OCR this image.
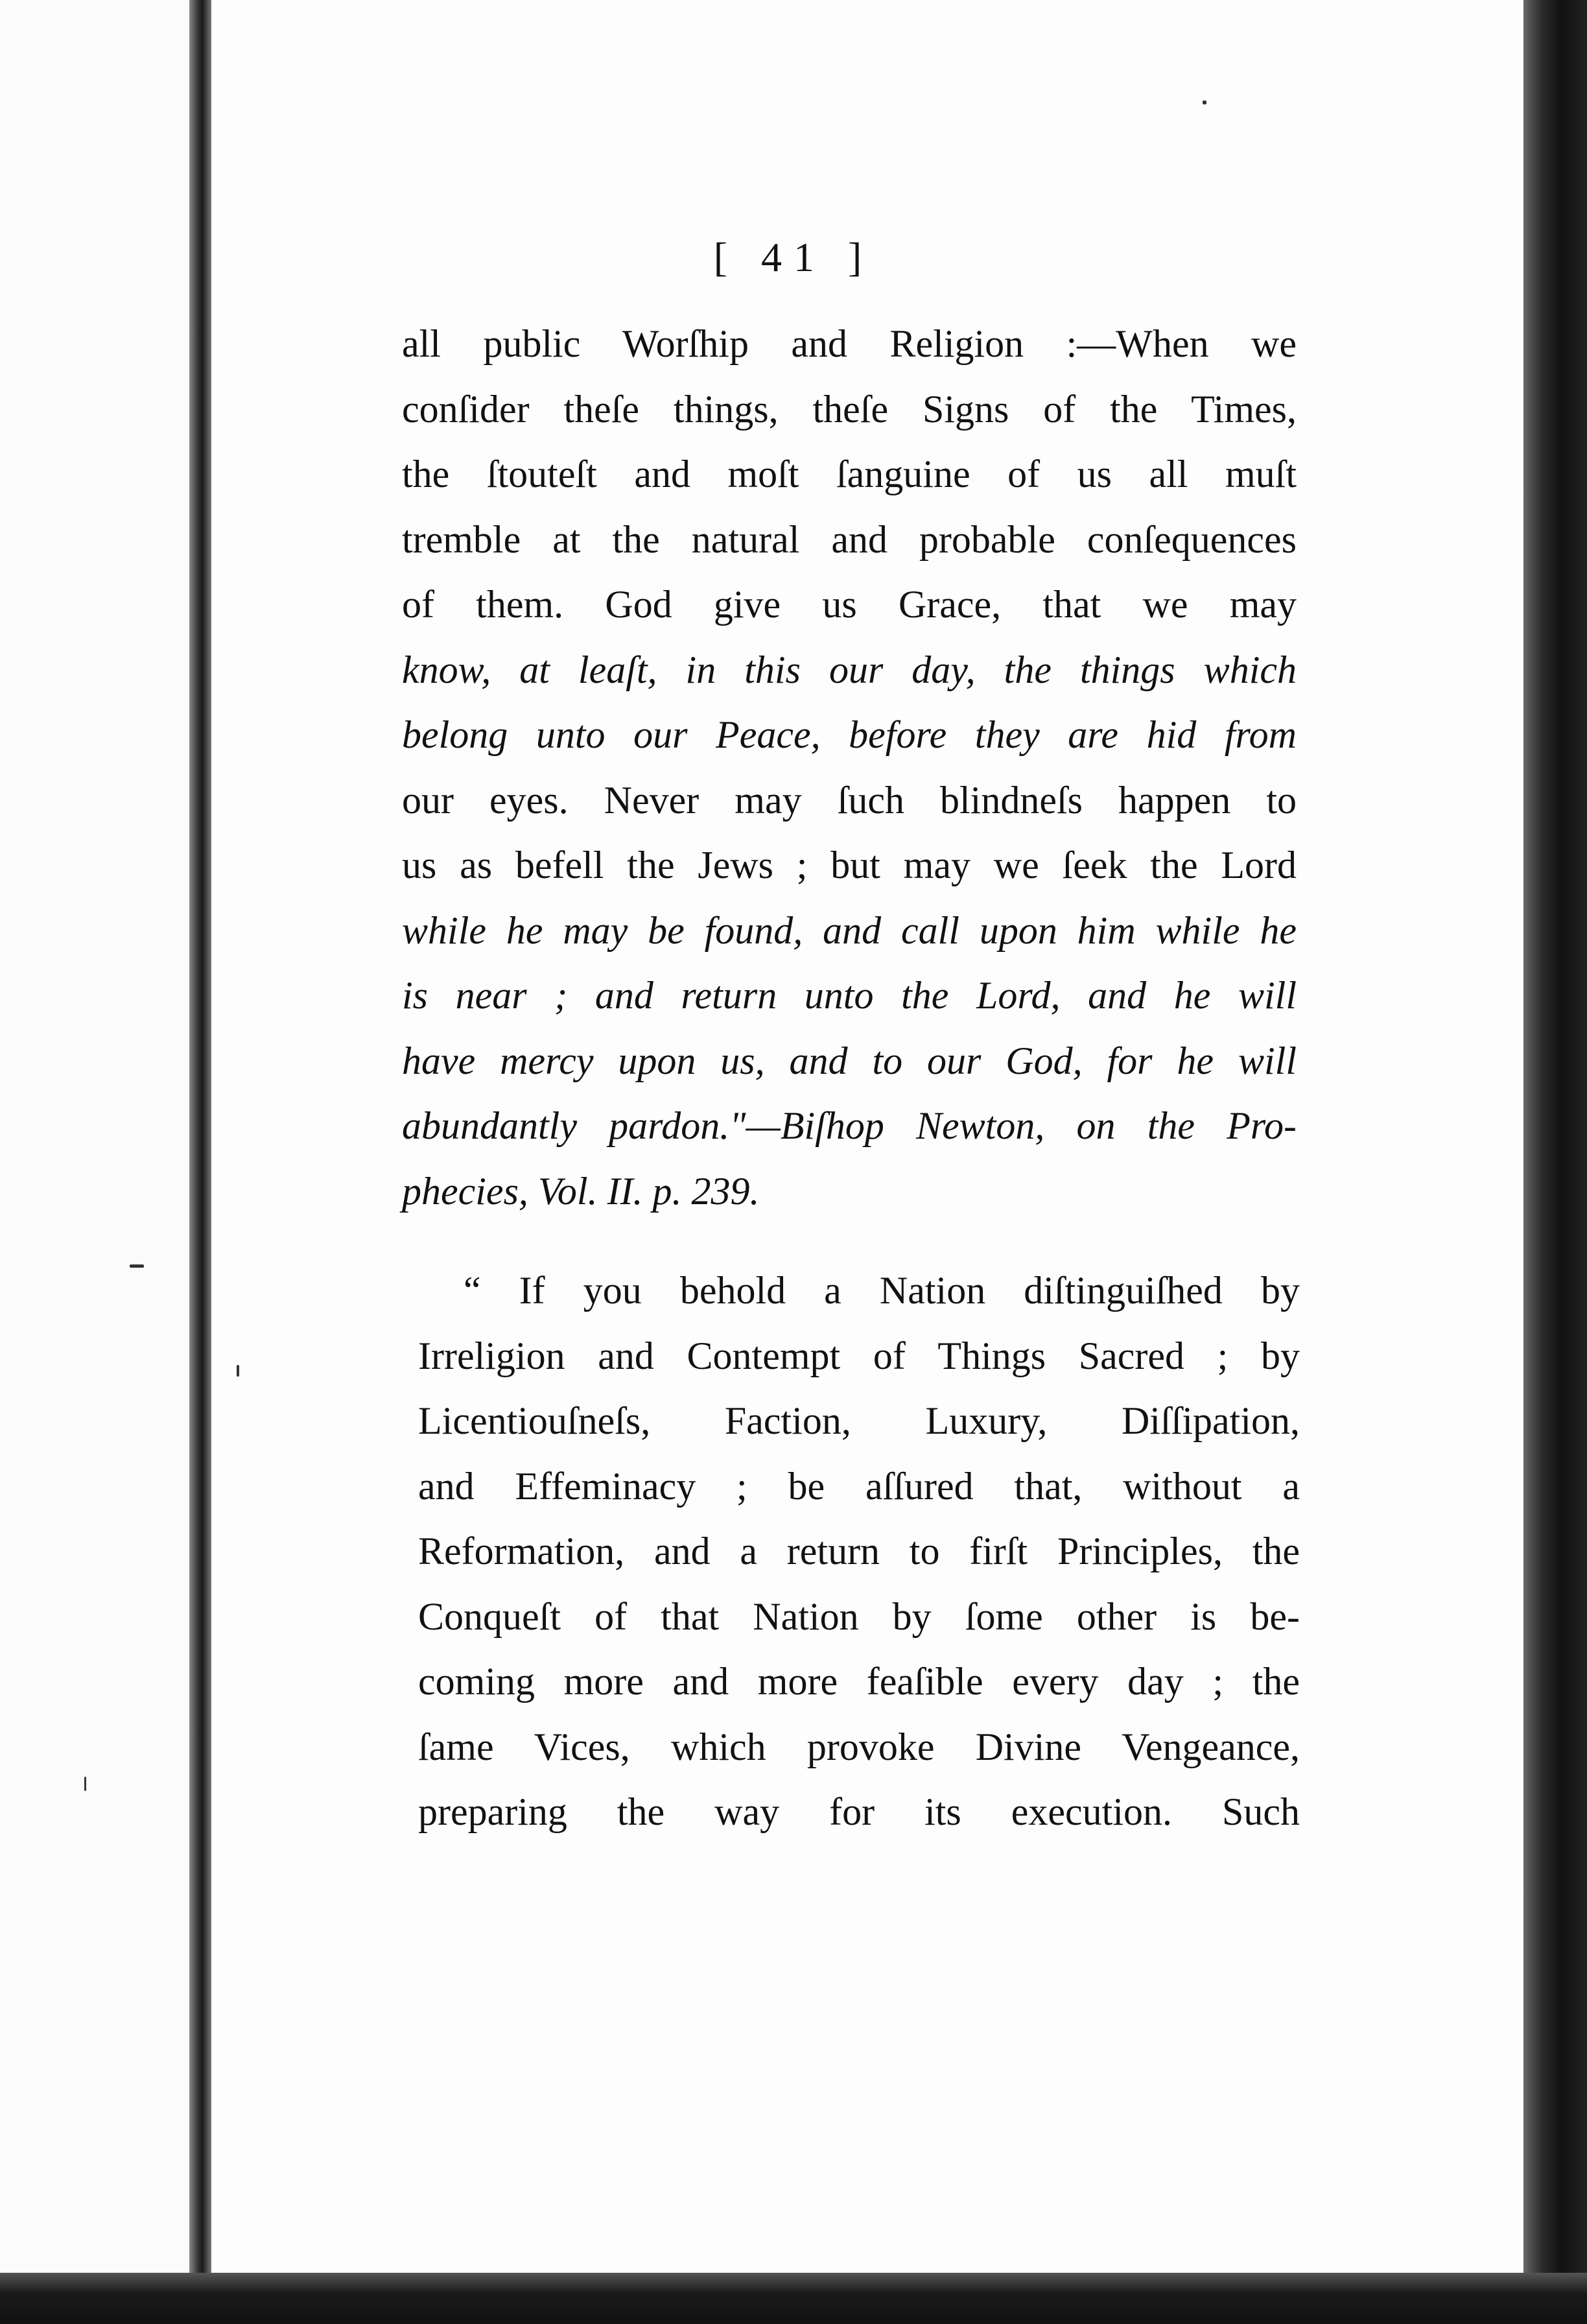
[ 41 ]
all public Worſhip and Religion :—When we
conſider theſe things, theſe Signs of the Times,
the ſtouteſt and moſt ſanguine of us all muſt
tremble at the natural and probable conſequences
of them. God give us Grace, that we may
know, at leaſt, in this our day, the things which
belong unto our Peace, before they are hid from
our eyes. Never may ſuch blindneſs happen to
us as befell the Jews ; but may we ſeek the Lord
while he may be found, and call upon him while he
is near ; and return unto the Lord, and he will
have mercy upon us, and to our God, for he will
abundantly pardon."—Biſhop Newton, on the Pro-
phecies, Vol. II. p. 239.
“ If you behold a Nation diſtinguiſhed by
Irreligion and Contempt of Things Sacred ; by
Licentiouſneſs, Faction, Luxury, Diſſipation,
and Effeminacy ; be aſſured that, without a
Reformation, and a return to firſt Principles, the
Conqueſt of that Nation by ſome other is be-
coming more and more feaſible every day ; the
ſame Vices, which provoke Divine Vengeance,
preparing the way for its execution. Such
